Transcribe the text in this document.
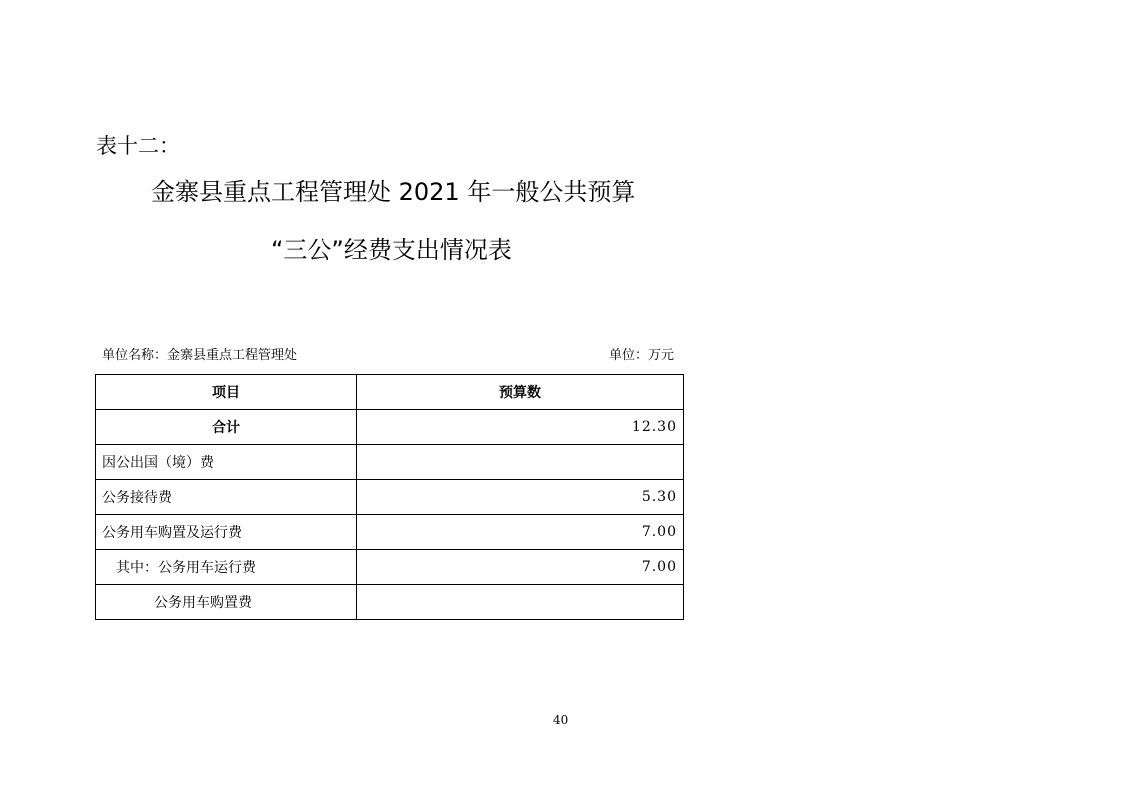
表十二：
金寨县重点工程管理处 2021 年一般公共预算
“三公”经费支出情况表
单位名称：金寨县重点工程管理处	单位：万元
项目	预算数
合计	12.30
因公出国（境）费	
公务接待费	5.30
公务用车购置及运行费	7.00
其中：公务用车运行费	7.00
公务用车购置费	
40
